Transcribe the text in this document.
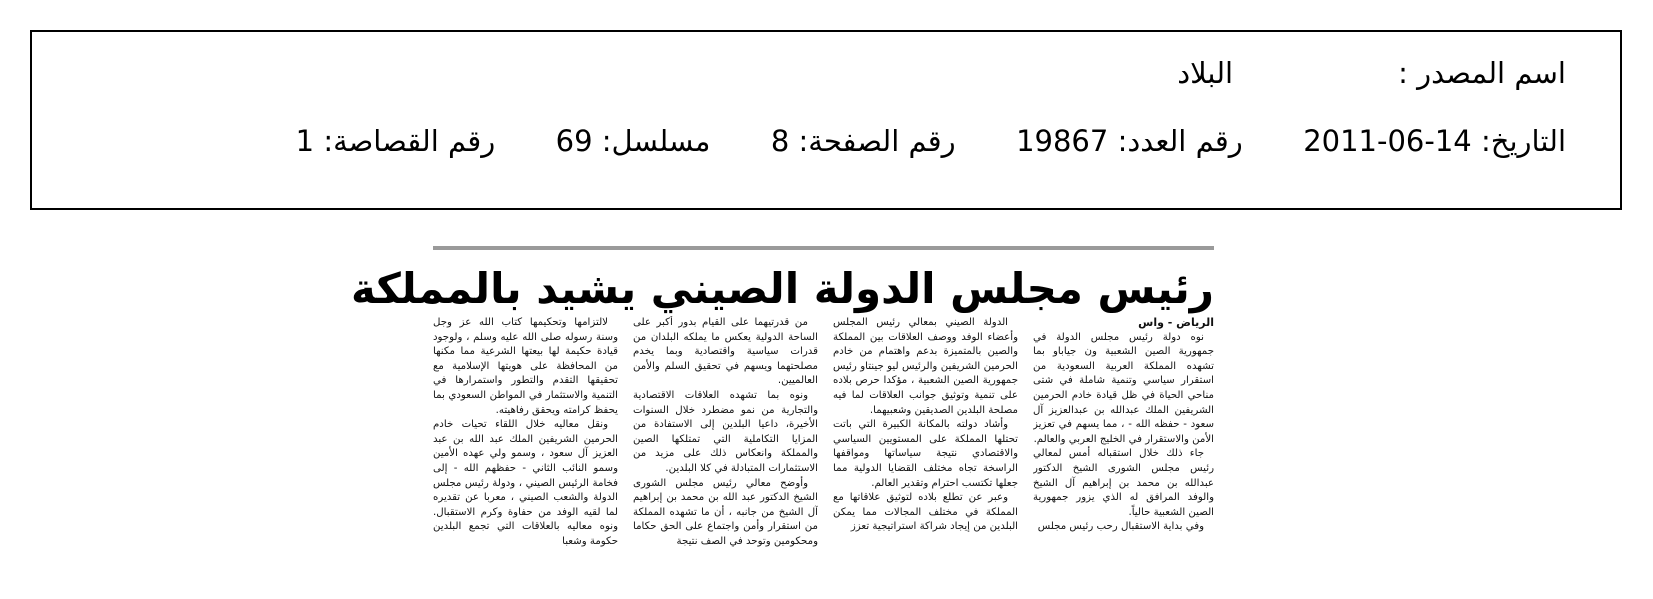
اسم المصدر :البلاد
التاريخ: 2011-06-14  رقم العدد: 19867  رقم الصفحة: 8  مسلسل: 69  رقم القصاصة: 1
رئيس مجلس الدولة الصيني يشيد بالمملكة

الرياض - واس

نوه دولة رئيس مجلس الدولة في جمهورية الصين الشعبية ون جياباو بما تشهده المملكة العربية السعودية من استقرار سياسي وتنمية شاملة في شتى مناحي الحياة في ظل قيادة خادم الحرمين الشريفين الملك عبدالله بن عبدالعزيز آل سعود - حفظه الله - ، مما يسهم في تعزيز الأمن والاستقرار في الخليج العربي والعالم.

جاء ذلك خلال استقباله أمس لمعالي رئيس مجلس الشورى الشيخ الدكتور عبدالله بن محمد بن إبراهيم آل الشيخ والوفد المرافق له الذي يزور جمهورية الصين الشعبية حالياً.

وفي بداية الاستقبال رحب رئيس مجلس

الدولة الصيني بمعالي رئيس المجلس وأعضاء الوفد ووصف العلاقات بين المملكة والصين بالمتميزة بدعم واهتمام من خادم الحرمين الشريفين والرئيس ليو جينتاو رئيس جمهورية الصين الشعبية ، مؤكدا حرص بلاده على تنمية وتوثيق جوانب العلاقات لما فيه مصلحة البلدين الصديقين وشعبيهما.

وأشاد دولته بالمكانة الكبيرة التي باتت تحتلها المملكة على المستويين السياسي والاقتصادي نتيجة سياساتها ومواقفها الراسخة تجاه مختلف القضايا الدولية مما جعلها تكتسب احترام وتقدير العالم.

وعبر عن تطلع بلاده لتوثيق علاقاتها مع المملكة في مختلف المجالات مما يمكن البلدين من إيجاد شراكة استراتيجية تعزز

من قدرتيهما على القيام بدور أكبر على الساحة الدولية يعكس ما يملكه البلدان من قدرات سياسية واقتصادية وبما يخدم مصلحتهما ويسهم في تحقيق السلم والأمن العالميين.

ونوه بما تشهده العلاقات الاقتصادية والتجارية من نمو مضطرد خلال السنوات الأخيرة، داعيا البلدين إلى الاستفادة من المزايا التكاملية التي تمتلكها الصين والمملكة وانعكاس ذلك على مزيد من الاستثمارات المتبادلة في كلا البلدين.

وأوضح معالي رئيس مجلس الشورى الشيخ الدكتور عبد الله بن محمد بن إبراهيم آل الشيخ من جانبه ، أن ما تشهده المملكة من استقرار وأمن واجتماع على الحق حكاما ومحكومين وتوحد في الصف نتيجة

لالتزامها وتحكيمها كتاب الله عز وجل وسنة رسوله صلى الله عليه وسلم ، ولوجود قيادة حكيمة لها بيعتها الشرعية مما مكنها من المحافظة على هويتها الإسلامية مع تحقيقها التقدم والتطور واستمرارها في التنمية والاستثمار في المواطن السعودي بما يحفظ كرامته ويحقق رفاهيته.

ونقل معاليه خلال اللقاء تحيات خادم الحرمين الشريفين الملك عبد الله بن عبد العزيز آل سعود ، وسمو ولي عهده الأمين وسمو النائب الثاني - حفظهم الله - إلى فخامة الرئيس الصيني ، ودولة رئيس مجلس الدولة والشعب الصيني ، معربا عن تقديره لما لقيه الوفد من حفاوة وكرم الاستقبال. ونوه معاليه بالعلاقات التي تجمع البلدين حكومة وشعبا
